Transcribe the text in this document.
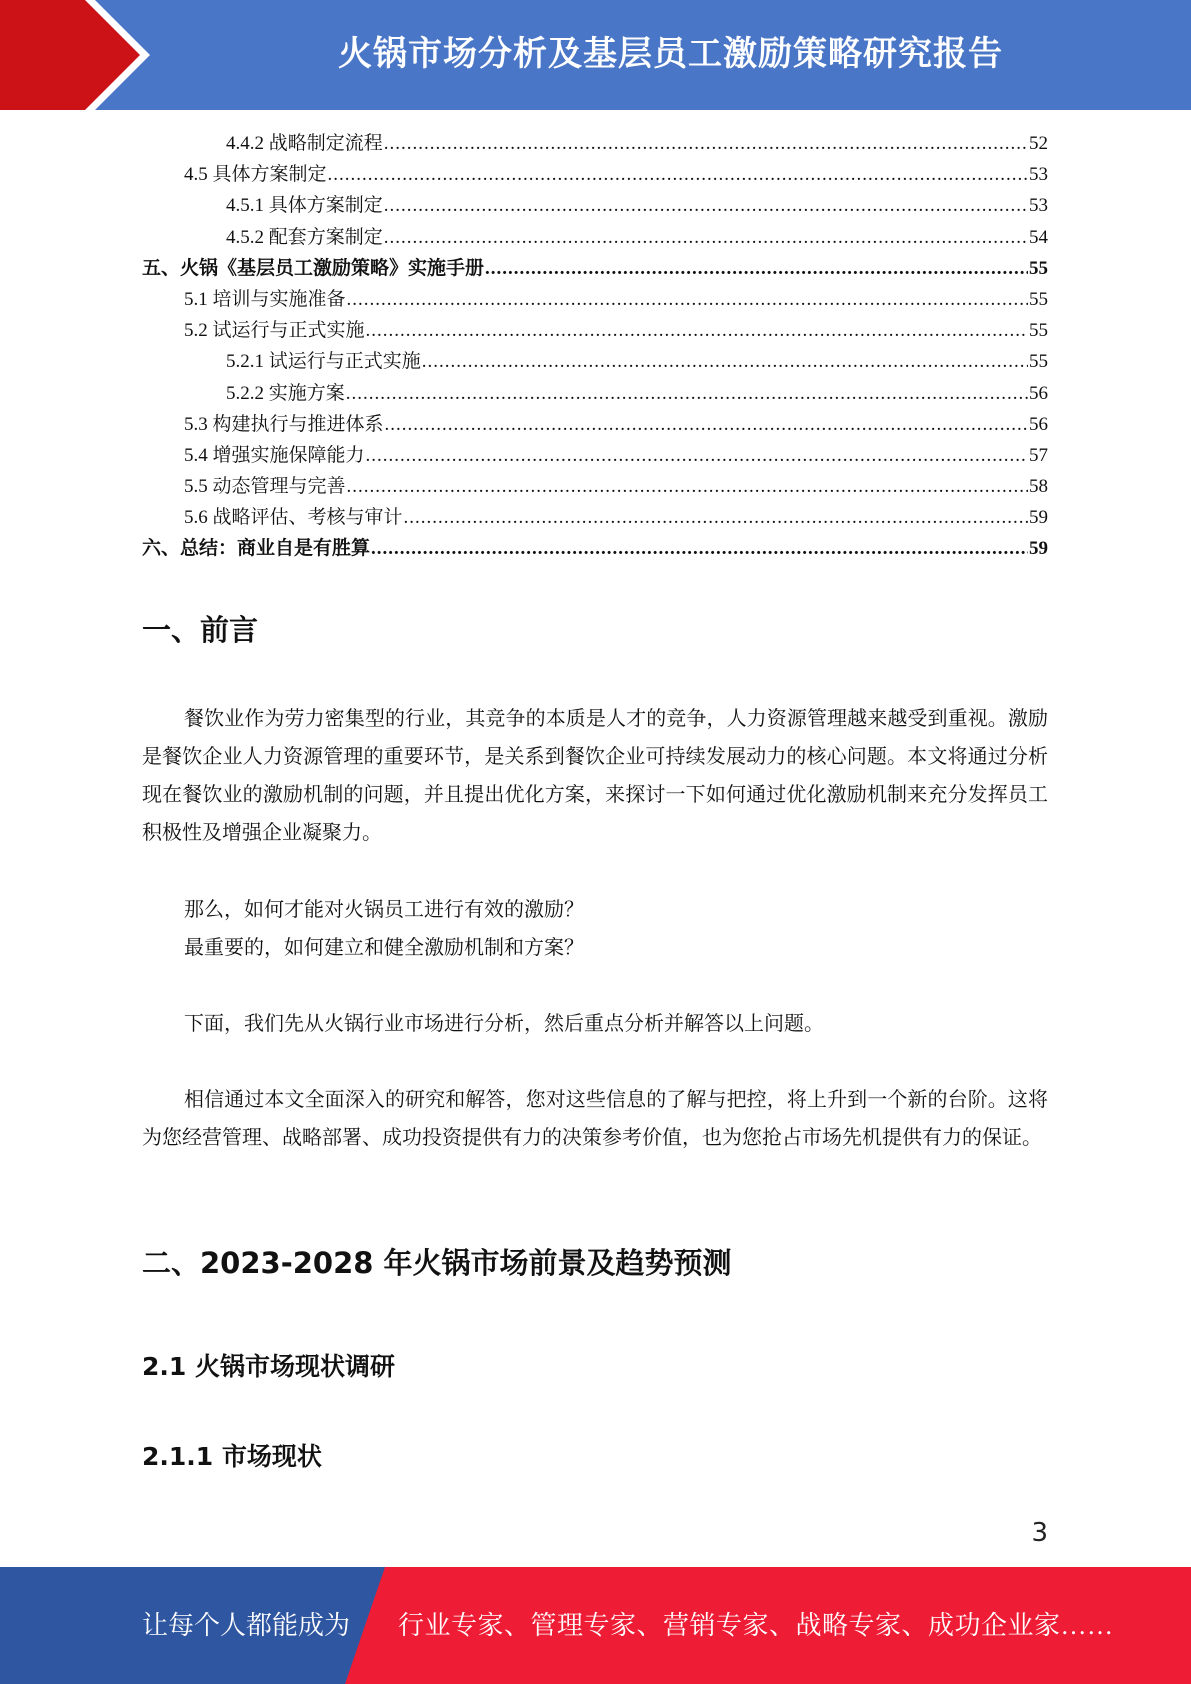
火锅市场分析及基层员工激励策略研究报告
4.4.2 战略制定流程 .....	52
4.5 具体方案制定 .....	53
4.5.1 具体方案制定 .....	53
4.5.2 配套方案制定 .....	54
五、火锅《基层员工激励策略》实施手册 .....	55
5.1 培训与实施准备 .....	55
5.2 试运行与正式实施 .....	55
5.2.1 试运行与正式实施 .....	55
5.2.2 实施方案 .....	56
5.3 构建执行与推进体系 .....	56
5.4 增强实施保障能力 .....	57
5.5 动态管理与完善 .....	58
5.6 战略评估、考核与审计 .....	59
六、总结：商业自是有胜算 .....	59
一、前言

餐饮业作为劳力密集型的行业，其竞争的本质是人才的竞争，人力资源管理越来越受到重视。激励是餐饮企业人力资源管理的重要环节，是关系到餐饮企业可持续发展动力的核心问题。本文将通过分析现在餐饮业的激励机制的问题，并且提出优化方案，来探讨一下如何通过优化激励机制来充分发挥员工积极性及增强企业凝聚力。

那么，如何才能对火锅员工进行有效的激励？

最重要的，如何建立和健全激励机制和方案？

下面，我们先从火锅行业市场进行分析，然后重点分析并解答以上问题。

相信通过本文全面深入的研究和解答，您对这些信息的了解与把控，将上升到一个新的台阶。这将为您经营管理、战略部署、成功投资提供有力的决策参考价值，也为您抢占市场先机提供有力的保证。

二、2023-2028 年火锅市场前景及趋势预测
2.1 火锅市场现状调研
2.1.1 市场现状
3
让每个人都能成为 行业专家、管理专家、营销专家、战略专家、成功企业家……
